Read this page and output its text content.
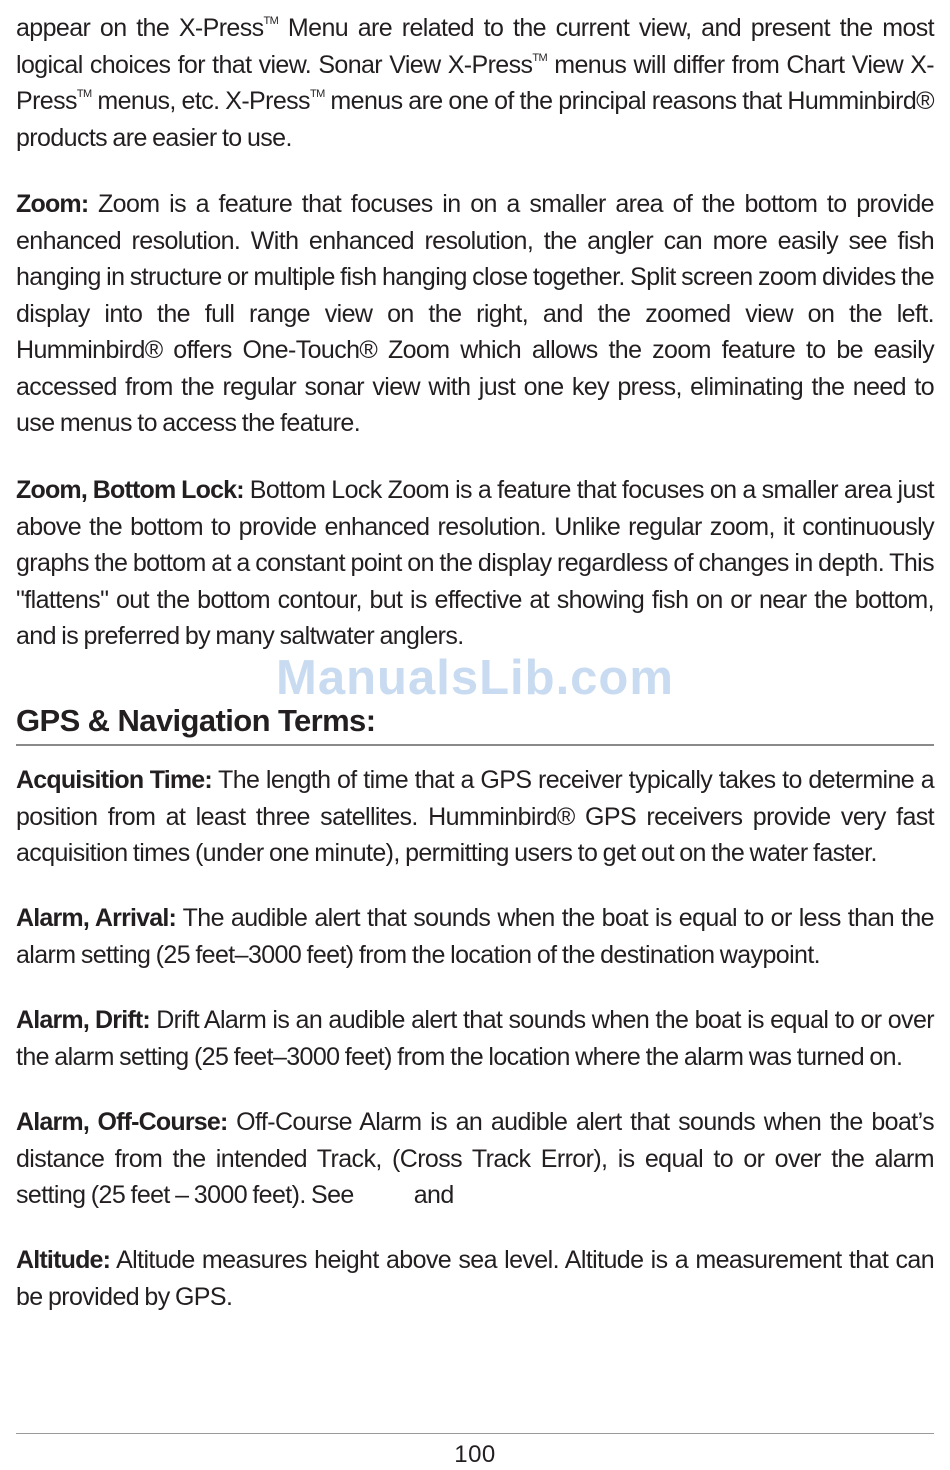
appear on the X-Press™ Menu are related to the current view, and present the most logical choices for that view. Sonar View X-Press™ menus will differ from Chart View X-Press™ menus, etc. X-Press™ menus are one of the principal reasons that Humminbird® products are easier to use.

Zoom: Zoom is a feature that focuses in on a smaller area of the bottom to provide enhanced resolution. With enhanced resolution, the angler can more easily see fish hanging in structure or multiple fish hanging close together. Split screen zoom divides the display into the full range view on the right, and the zoomed view on the left. Humminbird® offers One-Touch® Zoom which allows the zoom feature to be easily accessed from the regular sonar view with just one key press, eliminating the need to use menus to access the feature.

Zoom, Bottom Lock: Bottom Lock Zoom is a feature that focuses on a smaller area just above the bottom to provide enhanced resolution. Unlike regular zoom, it continuously graphs the bottom at a constant point on the display regardless of changes in depth. This "flattens" out the bottom contour, but is effective at showing fish on or near the bottom, and is preferred by many saltwater anglers.

Acquisition Time: The length of time that a GPS receiver typically takes to determine a position from at least three satellites. Humminbird® GPS receivers provide very fast acquisition times (under one minute), permitting users to get out on the water faster.

Alarm, Arrival: The audible alert that sounds when the boat is equal to or less than the alarm setting (25 feet–3000 feet) from the location of the destination waypoint.

Alarm, Drift: Drift Alarm is an audible alert that sounds when the boat is equal to or over the alarm setting (25 feet–3000 feet) from the location where the alarm was turned on.

Alarm, Off-Course: Off-Course Alarm is an audible alert that sounds when the boat’s distance from the intended Track, (Cross Track Error), is equal to or over the alarm setting (25 feet – 3000 feet). See and

Altitude: Altitude measures height above sea level. Altitude is a measurement that can be provided by GPS.

ManualsLib.com
GPS & Navigation Terms:
100
